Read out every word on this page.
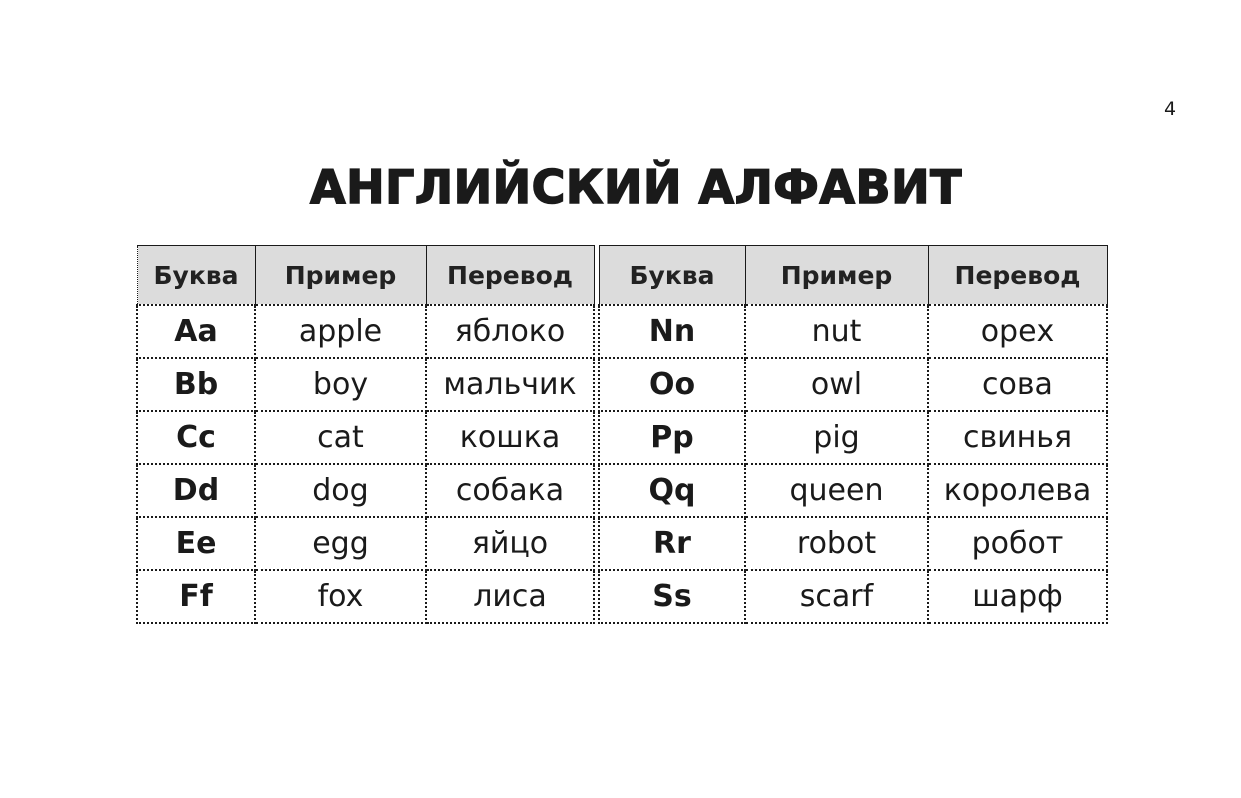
4
АНГЛИЙСКИЙ АЛФАВИТ
Буква	Пример	Перевод
Aa	apple	яблоко
Bb	boy	мальчик
Cc	cat	кошка
Dd	dog	собака
Ee	egg	яйцо
Ff	fox	лиса
Буква	Пример	Перевод
Nn	nut	орех
Oo	owl	сова
Pp	pig	свинья
Qq	queen	королева
Rr	robot	робот
Ss	scarf	шарф
